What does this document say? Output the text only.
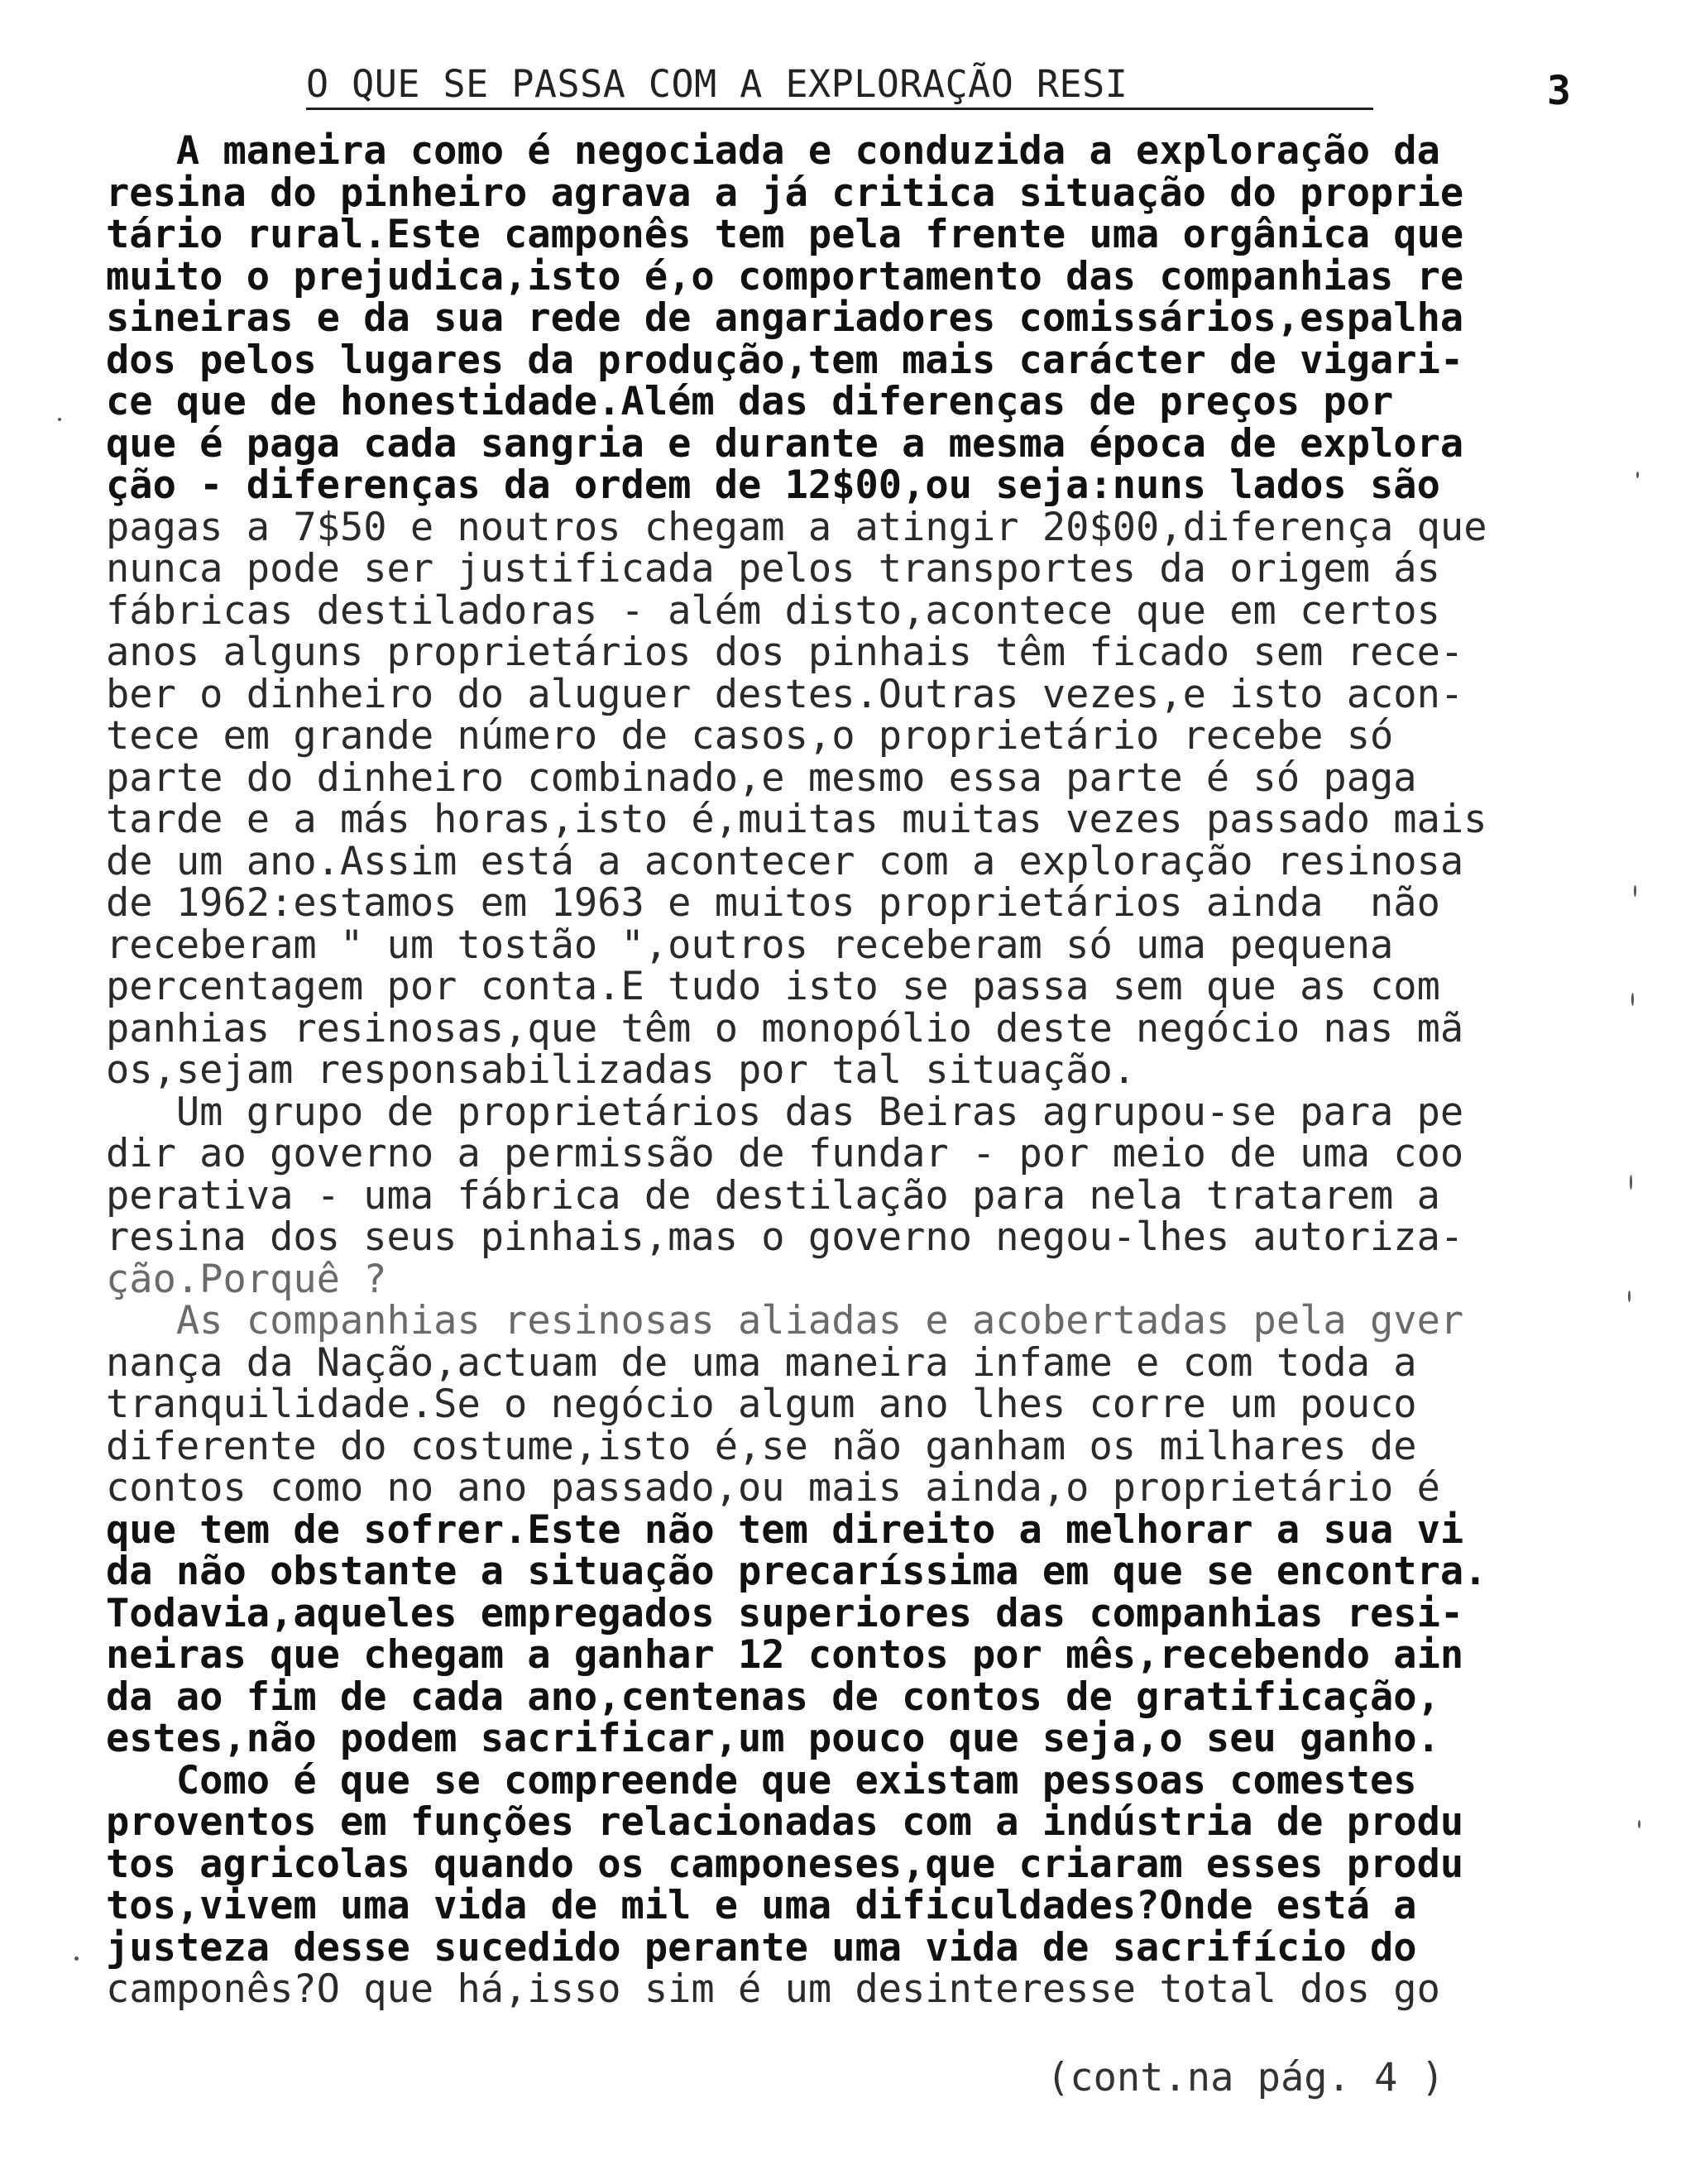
O QUE SE PASSA COM A EXPLORAÇÃO RESI	3
A maneira como é negociada e conduzida a exploração da
resina do pinheiro agrava a já critica situação do proprie
tário rural.Este camponês tem pela frente uma orgânica que
muito o prejudica,isto é,o comportamento das companhias re
sineiras e da sua rede de angariadores comissários,espalha
dos pelos lugares da produção,tem mais carácter de vigari-
ce que de honestidade.Além das diferenças de preços por
que é paga cada sangria e durante a mesma época de explora
ção - diferenças da ordem de 12$00,ou seja:nuns lados são
pagas a 7$50 e noutros chegam a atingir 20$00,diferença que
nunca pode ser justificada pelos transportes da origem ás
fábricas destiladoras - além disto,acontece que em certos
anos alguns proprietários dos pinhais têm ficado sem rece-
ber o dinheiro do aluguer destes.Outras vezes,e isto acon-
tece em grande número de casos,o proprietário recebe só
parte do dinheiro combinado,e mesmo essa parte é só paga
tarde e a más horas,isto é,muitas muitas vezes passado mais
de um ano.Assim está a acontecer com a exploração resinosa
de 1962:estamos em 1963 e muitos proprietários ainda  não
receberam " um tostão ",outros receberam só uma pequena
percentagem por conta.E tudo isto se passa sem que as com
panhias resinosas,que têm o monopólio deste negócio nas mã
os,sejam responsabilizadas por tal situação.
Um grupo de proprietários das Beiras agrupou-se para pe
dir ao governo a permissão de fundar - por meio de uma coo
perativa - uma fábrica de destilação para nela tratarem a
resina dos seus pinhais,mas o governo negou-lhes autoriza-
ção.Porquê ?
As companhias resinosas aliadas e acobertadas pela gver
nança da Nação,actuam de uma maneira infame e com toda a
tranquilidade.Se o negócio algum ano lhes corre um pouco
diferente do costume,isto é,se não ganham os milhares de
contos como no ano passado,ou mais ainda,o proprietário é
que tem de sofrer.Este não tem direito a melhorar a sua vi
da não obstante a situação precaríssima em que se encontra.
Todavia,aqueles empregados superiores das companhias resi-
neiras que chegam a ganhar 12 contos por mês,recebendo ain
da ao fim de cada ano,centenas de contos de gratificação,
estes,não podem sacrificar,um pouco que seja,o seu ganho.
Como é que se compreende que existam pessoas comestes
proventos em funções relacionadas com a indústria de produ
tos agricolas quando os camponeses,que criaram esses produ
tos,vivem uma vida de mil e uma dificuldades?Onde está a
justeza desse sucedido perante uma vida de sacrifício do
camponês?O que há,isso sim é um desinteresse total dos go
(cont.na pág. 4 )
